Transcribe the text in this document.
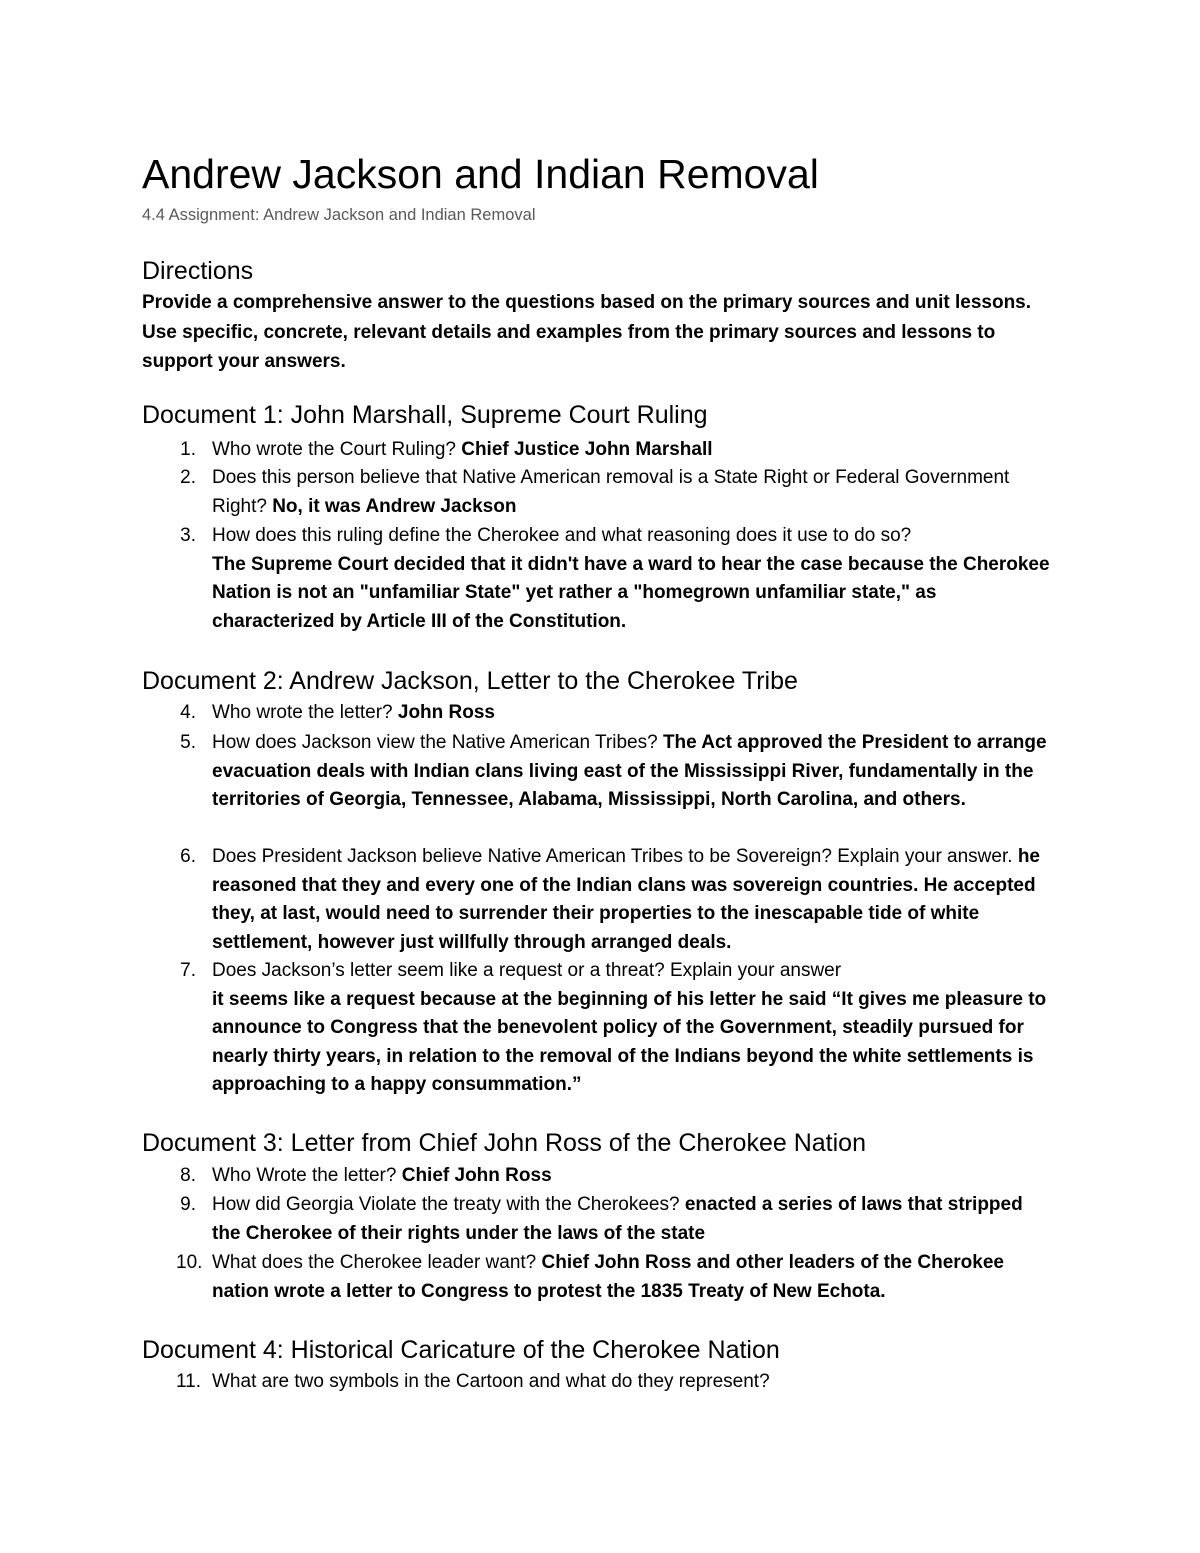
Andrew Jackson and Indian Removal
4.4 Assignment: Andrew Jackson and Indian Removal
Directions
Provide a comprehensive answer to the questions based on the primary sources and unit lessons. Use specific, concrete, relevant details and examples from the primary sources and lessons to support your answers.
Document 1: John Marshall, Supreme Court Ruling
1. Who wrote the Court Ruling? Chief Justice John Marshall
2. Does this person believe that Native American removal is a State Right or Federal Government Right? No, it was Andrew Jackson
3. How does this ruling define the Cherokee and what reasoning does it use to do so?
The Supreme Court decided that it didn't have a ward to hear the case because the Cherokee Nation is not an "unfamiliar State" yet rather a "homegrown unfamiliar state," as characterized by Article III of the Constitution.
Document 2: Andrew Jackson, Letter to the Cherokee Tribe
4. Who wrote the letter? John Ross
5. How does Jackson view the Native American Tribes? The Act approved the President to arrange evacuation deals with Indian clans living east of the Mississippi River, fundamentally in the territories of Georgia, Tennessee, Alabama, Mississippi, North Carolina, and others.
6. Does President Jackson believe Native American Tribes to be Sovereign? Explain your answer. he reasoned that they and every one of the Indian clans was sovereign countries. He accepted they, at last, would need to surrender their properties to the inescapable tide of white settlement, however just willfully through arranged deals.
7. Does Jackson’s letter seem like a request or a threat? Explain your answer
it seems like a request because at the beginning of his letter he said “It gives me pleasure to announce to Congress that the benevolent policy of the Government, steadily pursued for nearly thirty years, in relation to the removal of the Indians beyond the white settlements is approaching to a happy consummation.”
Document 3: Letter from Chief John Ross of the Cherokee Nation
8. Who Wrote the letter? Chief John Ross
9. How did Georgia Violate the treaty with the Cherokees? enacted a series of laws that stripped the Cherokee of their rights under the laws of the state
10. What does the Cherokee leader want? Chief John Ross and other leaders of the Cherokee nation wrote a letter to Congress to protest the 1835 Treaty of New Echota.
Document 4: Historical Caricature of the Cherokee Nation
11. What are two symbols in the Cartoon and what do they represent?
